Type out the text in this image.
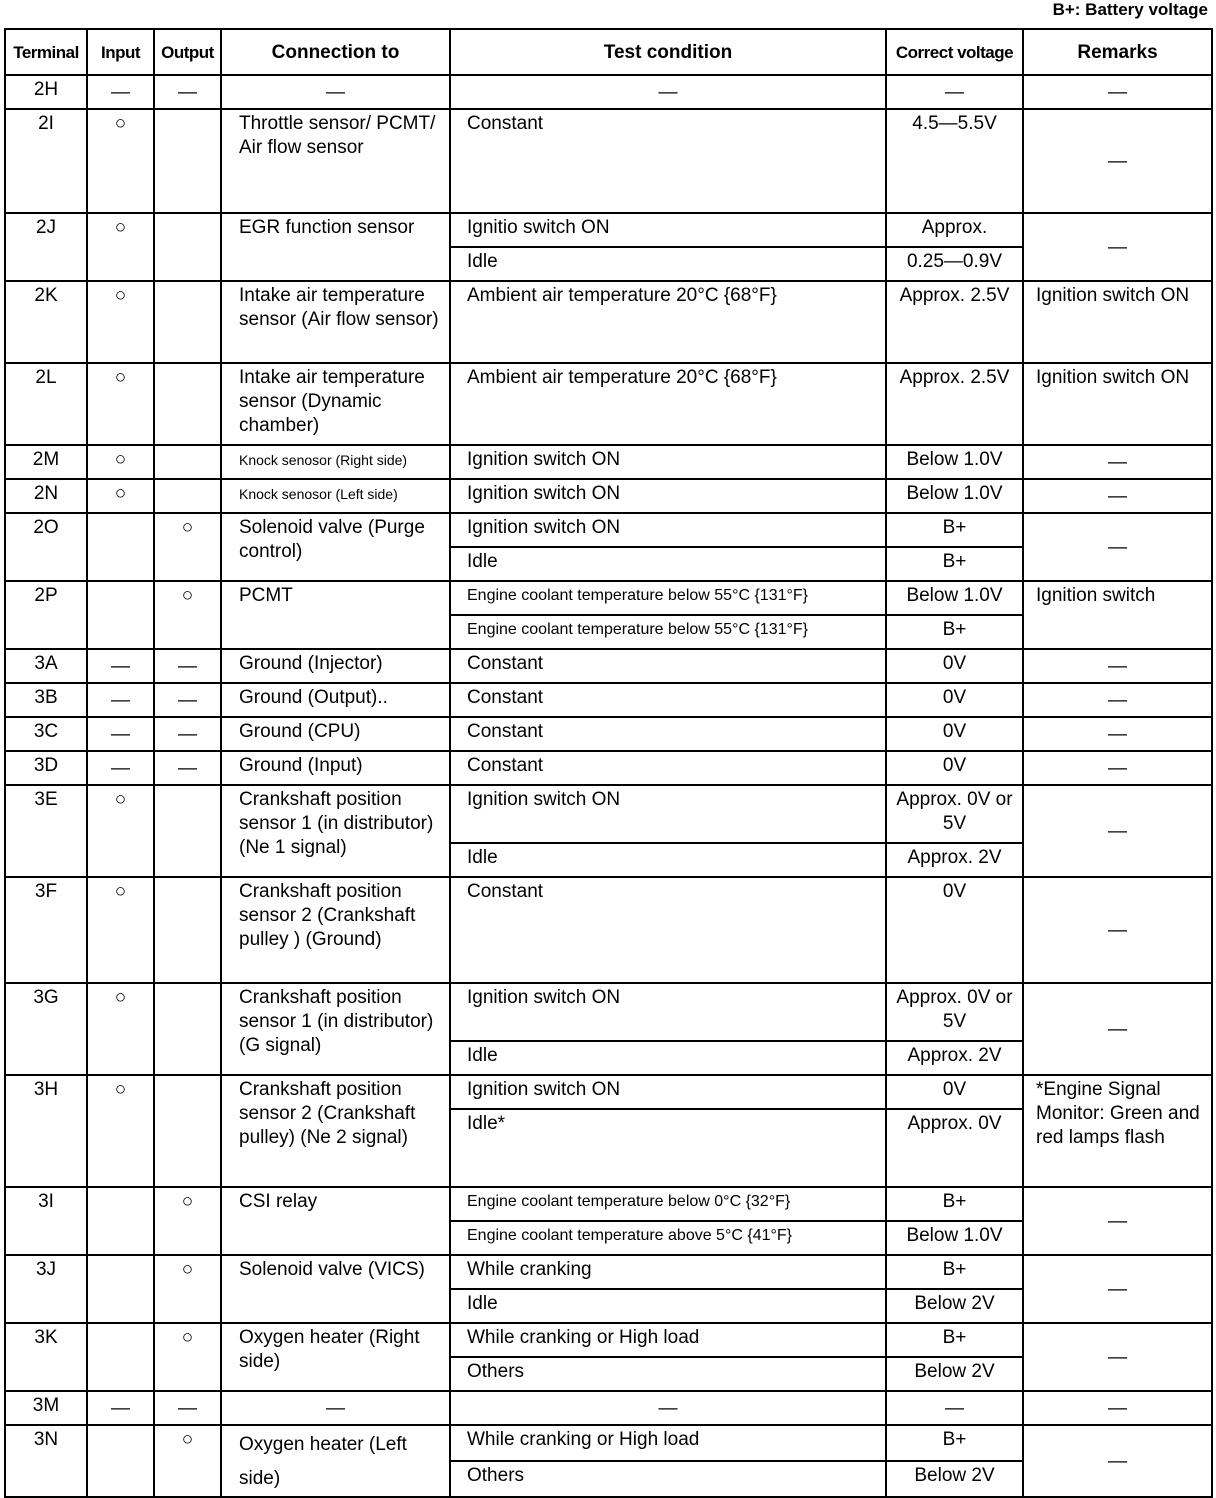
B+: Battery voltage
Terminal	Input	Output	Connection to	Test condition	Correct voltage	Remarks
2H	—	—	—	—	—	—
2I	○		Throttle sensor/ PCMT/ Air flow sensor	Constant	4.5—5.5V	—
2J	○		EGR function sensor	Ignitio switch ON	Approx.	—
				Idle	0.25—0.9V	
2K	○		Intake air temperature sensor (Air flow sensor)	Ambient air temperature 20°C {68°F}	Approx. 2.5V	Ignition switch ON
2L	○		Intake air temperature sensor (Dynamic chamber)	Ambient air temperature 20°C {68°F}	Approx. 2.5V	Ignition switch ON
2M	○		Knock senosor (Right side)	Ignition switch ON	Below 1.0V	—
2N	○		Knock senosor (Left side)	Ignition switch ON	Below 1.0V	—
2O		○	Solenoid valve (Purge control)	Ignition switch ON	B+	—
				Idle	B+	
2P		○	PCMT	Engine coolant temperature below 55°C {131°F}	Below 1.0V	Ignition switch
				Engine coolant temperature below 55°C {131°F}	B+	
3A	—	—	Ground (Injector)	Constant	0V	—
3B	—	—	Ground (Output)..	Constant	0V	—
3C	—	—	Ground (CPU)	Constant	0V	—
3D	—	—	Ground (Input)	Constant	0V	—
3E	○		Crankshaft position sensor 1 (in distributor) (Ne 1 signal)	Ignition switch ON	Approx. 0V or 5V	—
				Idle	Approx. 2V	
3F	○		Crankshaft position sensor 2 (Crankshaft pulley ) (Ground)	Constant	0V	—
3G	○		Crankshaft position sensor 1 (in distributor) (G signal)	Ignition switch ON	Approx. 0V or 5V	—
				Idle	Approx. 2V	
3H	○		Crankshaft position sensor 2 (Crankshaft pulley) (Ne 2 signal)	Ignition switch ON	0V	*Engine Signal Monitor: Green and red lamps flash
				Idle*	Approx. 0V	
3I		○	CSI relay	Engine coolant temperature below 0°C {32°F}	B+	—
				Engine coolant temperature above 5°C {41°F}	Below 1.0V	
3J		○	Solenoid valve (VICS)	While cranking	B+	—
				Idle	Below 2V	
3K		○	Oxygen heater (Right side)	While cranking or High load	B+	—
				Others	Below 2V	
3M	—	—	—	—	—	—
3N		○	Oxygen heater (Left side)	While cranking or High load	B+	—
				Others	Below 2V	
